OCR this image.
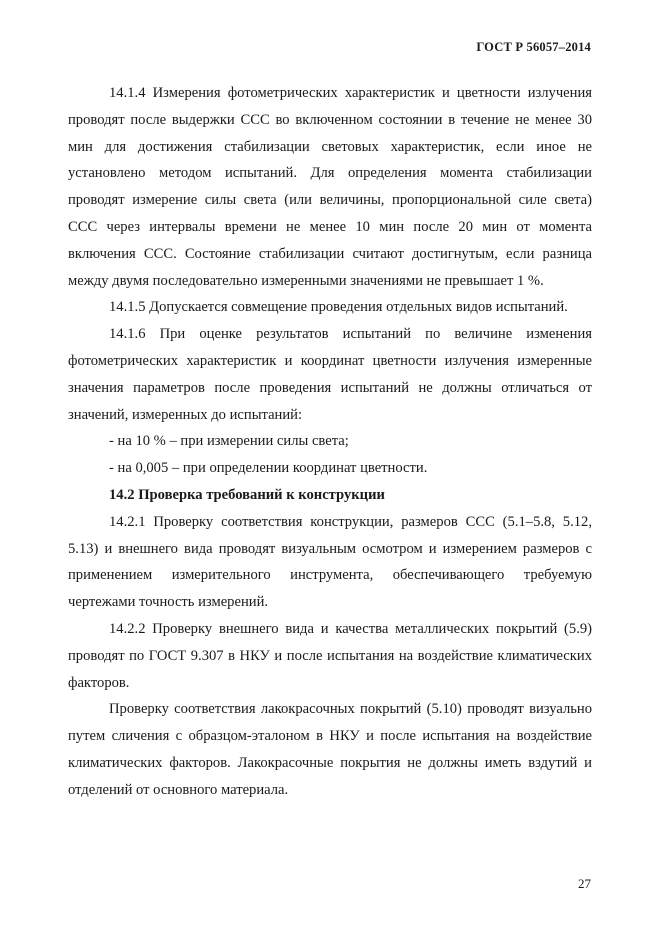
ГОСТ Р 56057–2014

14.1.4 Измерения фотометрических характеристик и цветности излучения проводят после выдержки ССС во включенном состоянии в течение не менее 30 мин для достижения стабилизации световых характеристик, если иное не установлено методом испытаний. Для определения момента стабилизации проводят измерение силы света (или величины, пропорциональной силе света) ССС через интервалы времени не менее 10 мин после 20 мин от момента включения ССС. Состояние стабилизации считают достигнутым, если разница между двумя последовательно измеренными значениями не превышает 1 %.

14.1.5 Допускается совмещение проведения отдельных видов испытаний.

14.1.6 При оценке результатов испытаний по величине изменения фотометрических характеристик и координат цветности излучения измеренные значения параметров после проведения испытаний не должны отличаться от значений, измеренных до испытаний:

- на 10 % – при измерении силы света;

- на 0,005 – при определении координат цветности.

14.2 Проверка требований к конструкции

14.2.1 Проверку соответствия конструкции, размеров ССС (5.1–5.8, 5.12, 5.13) и внешнего вида проводят визуальным осмотром и измерением размеров с применением измерительного инструмента, обеспечивающего требуемую чертежами точность измерений.

14.2.2 Проверку внешнего вида и качества металлических покрытий (5.9) проводят по ГОСТ 9.307 в НКУ и после испытания на воздействие климатических факторов.

Проверку соответствия лакокрасочных покрытий (5.10) проводят визуально путем сличения с образцом-эталоном в НКУ и после испытания на воздействие климатических факторов. Лакокрасочные покрытия не должны иметь вздутий и отделений от основного материала.

27
